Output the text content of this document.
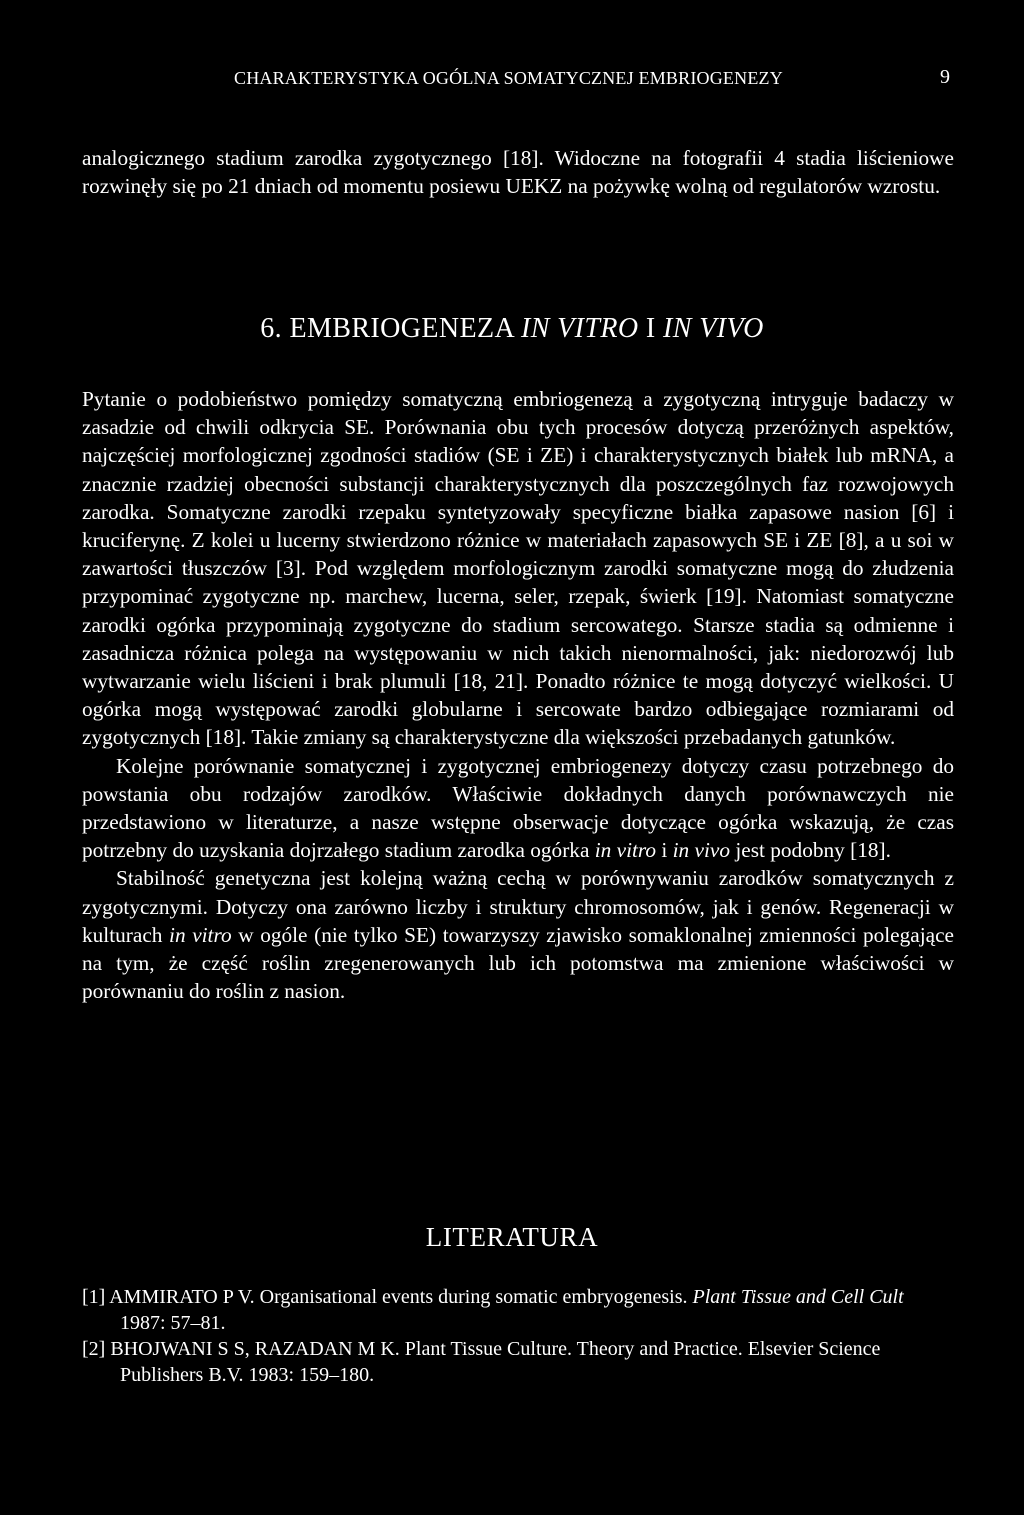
CHARAKTERYSTYKA OGÓLNA SOMATYCZNEJ EMBRIOGENEZY	9
analogicznego stadium zarodka zygotycznego [18]. Widoczne na fotografii 4 stadia liścieniowe rozwinęły się po 21 dniach od momentu posiewu UEKZ na pożywkę wolną od regulatorów wzrostu.
6. EMBRIOGENEZA IN VITRO I IN VIVO

Pytanie o podobieństwo pomiędzy somatyczną embriogenezą a zygotyczną intryguje badaczy w zasadzie od chwili odkrycia SE. Porównania obu tych procesów dotyczą przeróżnych aspektów, najczęściej morfologicznej zgodności stadiów (SE i ZE) i charakterystycznych białek lub mRNA, a znacznie rzadziej obecności substancji charakterystycznych dla poszczególnych faz rozwojowych zarodka. Somatyczne zarodki rzepaku syntetyzowały specyficzne białka zapasowe nasion [6] i kruciferynę. Z kolei u lucerny stwierdzono różnice w materiałach zapasowych SE i ZE [8], a u soi w zawartości tłuszczów [3]. Pod względem morfologicznym zarodki somatyczne mogą do złudzenia przypominać zygotyczne np. marchew, lucerna, seler, rzepak, świerk [19]. Natomiast somatyczne zarodki ogórka przypominają zygotyczne do stadium sercowatego. Starsze stadia są odmienne i zasadnicza różnica polega na występowaniu w nich takich nienormalności, jak: niedorozwój lub wytwarzanie wielu liścieni i brak plumuli [18, 21]. Ponadto różnice te mogą dotyczyć wielkości. U ogórka mogą występować zarodki globularne i sercowate bardzo odbiegające rozmiarami od zygotycznych [18]. Takie zmiany są charakterystyczne dla większości przebadanych gatunków.

Kolejne porównanie somatycznej i zygotycznej embriogenezy dotyczy czasu potrzebnego do powstania obu rodzajów zarodków. Właściwie dokładnych danych porównawczych nie przedstawiono w literaturze, a nasze wstępne obserwacje dotyczące ogórka wskazują, że czas potrzebny do uzyskania dojrzałego stadium zarodka ogórka in vitro i in vivo jest podobny [18].

Stabilność genetyczna jest kolejną ważną cechą w porównywaniu zarodków somatycznych z zygotycznymi. Dotyczy ona zarówno liczby i struktury chromosomów, jak i genów. Regeneracji w kulturach in vitro w ogóle (nie tylko SE) towarzyszy zjawisko somaklonalnej zmienności polegające na tym, że część roślin zregenerowanych lub ich potomstwa ma zmienione właściwości w porównaniu do roślin z nasion.

LITERATURA

[1] AMMIRATO P V. Organisational events during somatic embryogenesis. Plant Tissue and Cell Cult 1987: 57–81.

[2] BHOJWANI S S, RAZADAN M K. Plant Tissue Culture. Theory and Practice. Elsevier Science Publishers B.V. 1983: 159–180.
